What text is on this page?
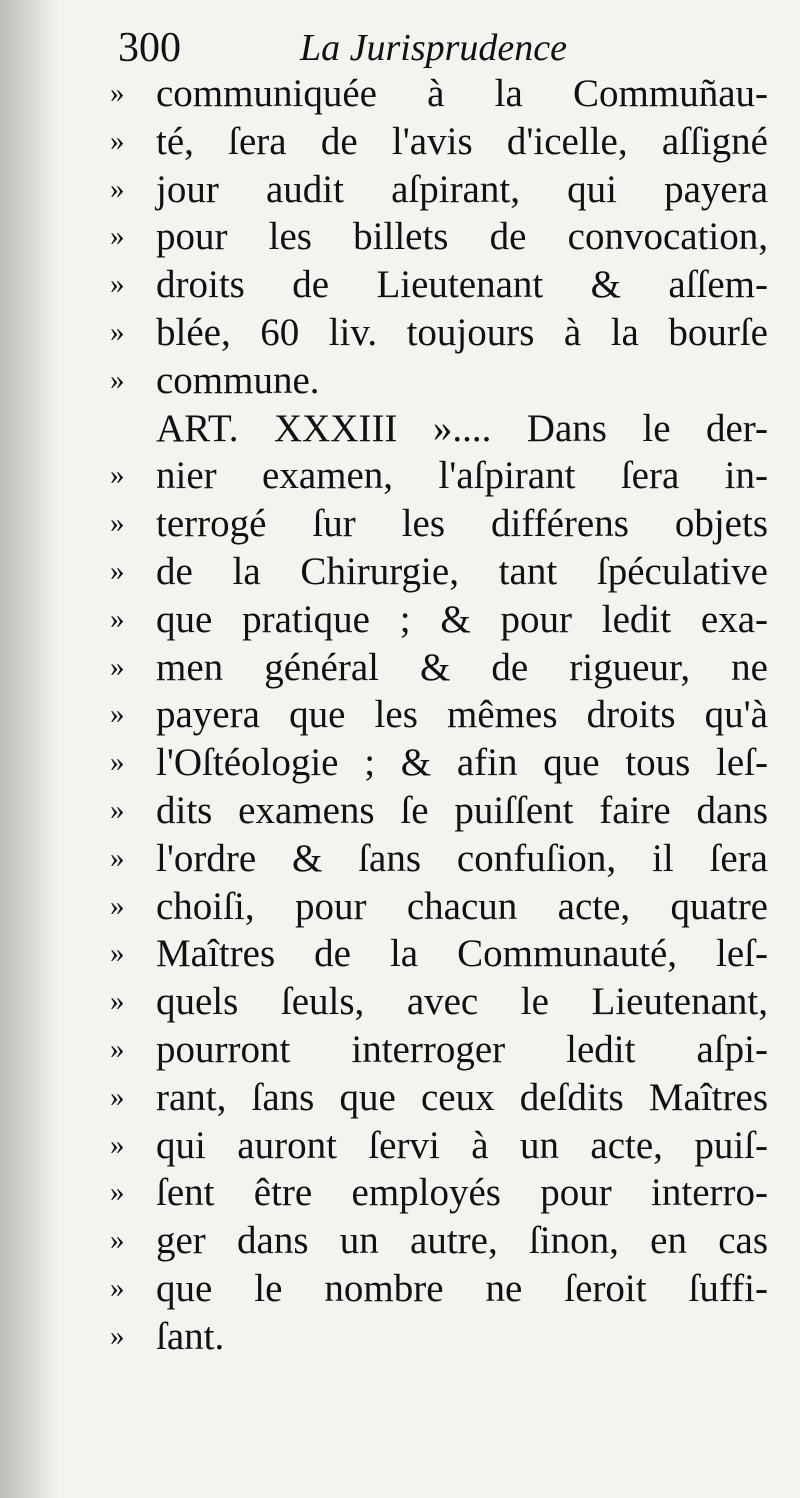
300	La Jurisprudence
» communiquée à la Commuñau-
» té, ſera de l'avis d'icelle, aſſigné
» jour audit aſpirant, qui payera
» pour les billets de convocation,
» droits de Lieutenant & aſſem-
» blée, 60 liv. toujours à la bourſe
» commune.
ART. XXXIII ».... Dans le der-
» nier examen, l'aſpirant ſera in-
» terrogé ſur les différens objets
» de la Chirurgie, tant ſpéculative
» que pratique ; & pour ledit exa-
» men général & de rigueur, ne
» payera que les mêmes droits qu'à
» l'Oſtéologie ; & afin que tous leſ-
» dits examens ſe puiſſent faire dans
» l'ordre & ſans confuſion, il ſera
» choiſi, pour chacun acte, quatre
» Maîtres de la Communauté, leſ-
» quels ſeuls, avec le Lieutenant,
» pourront interroger ledit aſpi-
» rant, ſans que ceux deſdits Maîtres
» qui auront ſervi à un acte, puiſ-
» ſent être employés pour interro-
» ger dans un autre, ſinon, en cas
» que le nombre ne ſeroit ſuffi-
» ſant.
